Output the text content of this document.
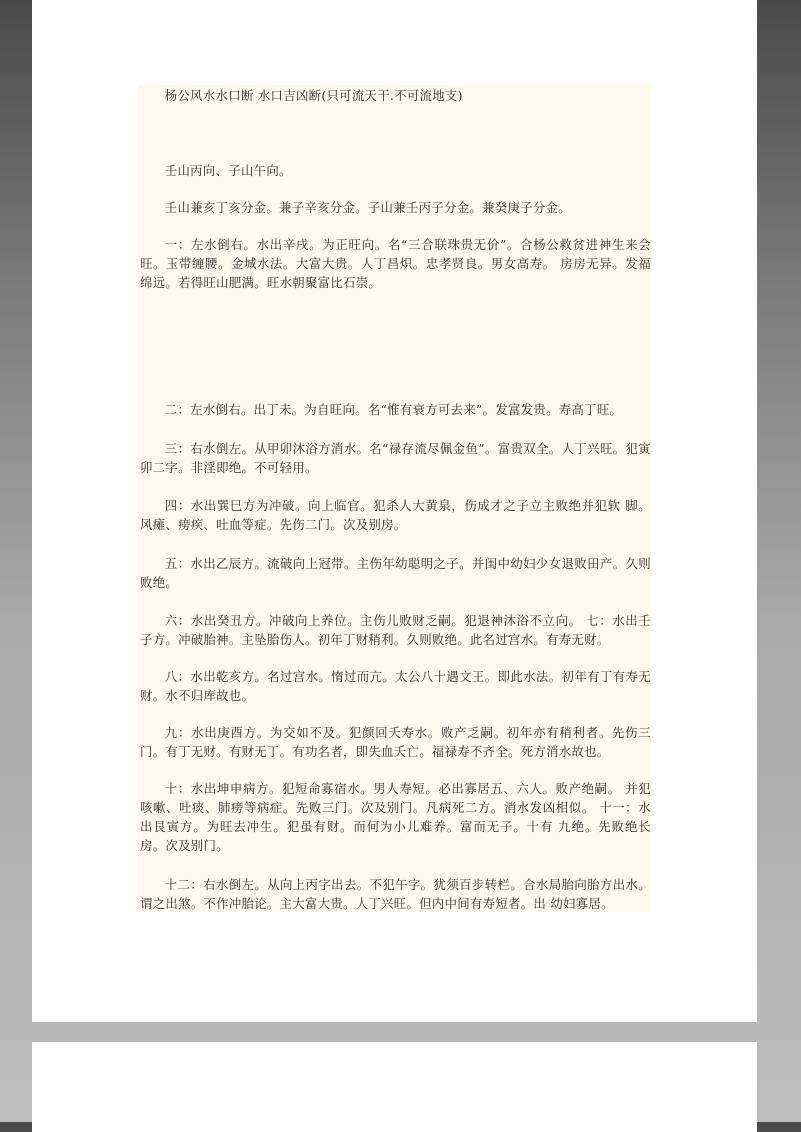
杨公风水水口断 水口吉凶断(只可流天干.不可流地支)

壬山丙向、子山午向。

壬山兼亥丁亥分金。兼子辛亥分金。子山兼壬丙子分金。兼癸庚子分金。

一：左水倒右。水出辛戌。为正旺向。名“三合联珠贵无价”。合杨公救贫进神生来会旺。玉带缠腰。金城水法。大富大贵。人丁昌炽。忠孝贤良。男女高寿。 房房无异。发福绵远。若得旺山肥满。旺水朝聚富比石崇。

二：左水倒右。出丁未。为自旺向。名“惟有衰方可去来”。发富发贵。寿高丁旺。

三：右水倒左。从甲卯沐浴方消水。名“禄存流尽佩金鱼”。富贵双全。人丁兴旺。犯寅卯二字。非淫即绝。不可轻用。

四：水出巽巳方为冲破。向上临官。犯杀人大黄泉，伤成才之子立主败绝并犯软 脚。风瘫、痨疾、吐血等症。先伤二门。次及别房。

五：水出乙辰方。流破向上冠带。主伤年幼聪明之子。并闺中幼妇少女退败田产。久则败绝。

六：水出癸丑方。冲破向上养位。主伤儿败财乏嗣。犯退神沐浴不立向。 七：水出壬子方。冲破胎神。主坠胎伤人。初年丁财稍利。久则败绝。此名过宫水。有寿无财。

八：水出乾亥方。名过宫水。惰过而亢。太公八十遇文王。即此水法。初年有丁有寿无财。水不归库故也。

九：水出庚酉方。为交如不及。犯颜回夭寿水。败产乏嗣。初年亦有稍利者。先伤三门。有丁无财。有财无丁。有功名者，即失血夭亡。福禄寿不齐全。死方消水故也。

十：水出坤申病方。犯短命寡宿水。男人寿短。必出寡居五、六人。败产绝嗣。 并犯咳嗽、吐痰、肺痨等病症。先败三门。次及别门。凡病死二方。消水发凶相似。 十一：水出艮寅方。为旺去冲生。犯虽有财。而何为小儿难养。富而无子。十有 九绝。先败绝长房。次及别门。

十二：右水倒左。从向上丙字出去。不犯午字。犹须百步转栏。合水局胎向胎方出水。谓之出煞。不作冲胎论。主大富大贵。人丁兴旺。但内中间有寿短者。出 幼妇寡居。
